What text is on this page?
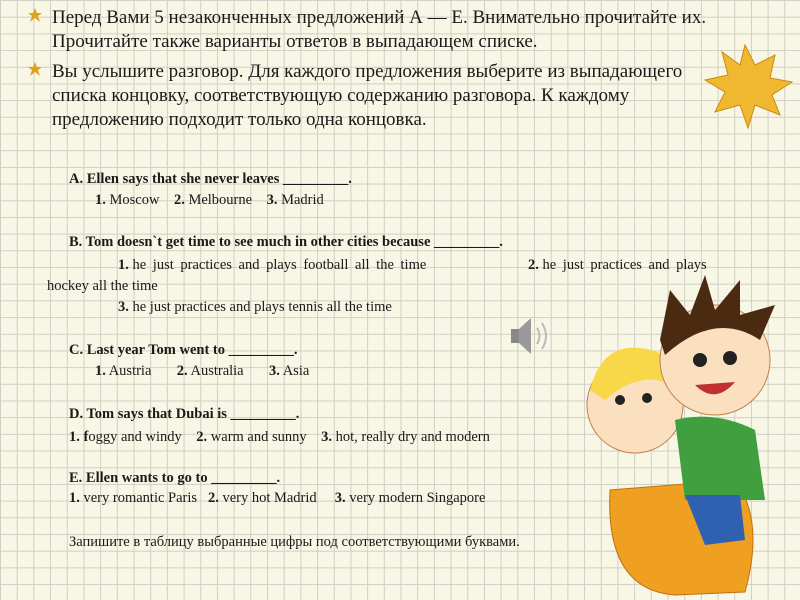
Перед Вами 5 незаконченных предложений А — Е. Внимательно прочитайте их. Прочитайте также варианты ответов в выпадающем списке.
Вы услышите разговор. Для каждого предложения выберите из выпадающего списка концовку, соответствующую содержанию разговора. К каждому предложению подходит только одна концовка.
A. Ellen says that she never leaves _________.
1. Moscow 2. Melbourne 3. Madrid
B. Tom doesn`t get time to see much in other cities because _________.
1. he just practices and plays football all the time	2. he just practices and plays
hockey all the time
3. he just practices and plays tennis all the time
C. Last year Tom went to _________.
1. Austria 2. Australia 3. Asia
D. Tom says that Dubai is _________.
1. foggy and windy 2. warm and sunny 3. hot, really dry and modern
E. Ellen wants to go to _________.
1. very romantic Paris 2. very hot Madrid 3. very modern Singapore
Запишите в таблицу выбранные цифры под соответствующими буквами.
